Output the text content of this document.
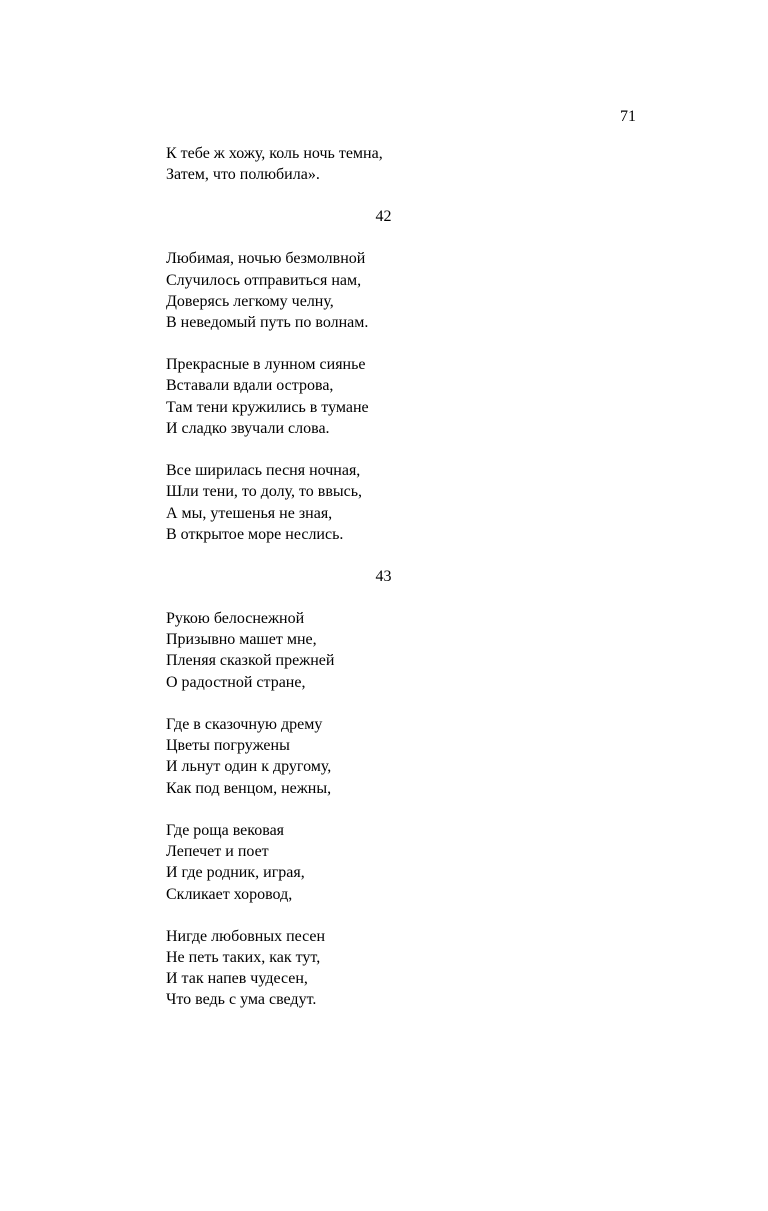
71
К тебе ж хожу, коль ночь темна,
Затем, что полюбила».
42
Любимая, ночью безмолвной
Случилось отправиться нам,
Доверясь легкому челну,
В неведомый путь по волнам.
Прекрасные в лунном сиянье
Вставали вдали острова,
Там тени кружились в тумане
И сладко звучали слова.
Все ширилась песня ночная,
Шли тени, то долу, то ввысь,
А мы, утешенья не зная,
В открытое море неслись.
43
Рукою белоснежной
Призывно машет мне,
Пленяя сказкой прежней
О радостной стране,
Где в сказочную дрему
Цветы погружены
И льнут один к другому,
Как под венцом, нежны,
Где роща вековая
Лепечет и поет
И где родник, играя,
Скликает хоровод,
Нигде любовных песен
Не петь таких, как тут,
И так напев чудесен,
Что ведь с ума сведут.
